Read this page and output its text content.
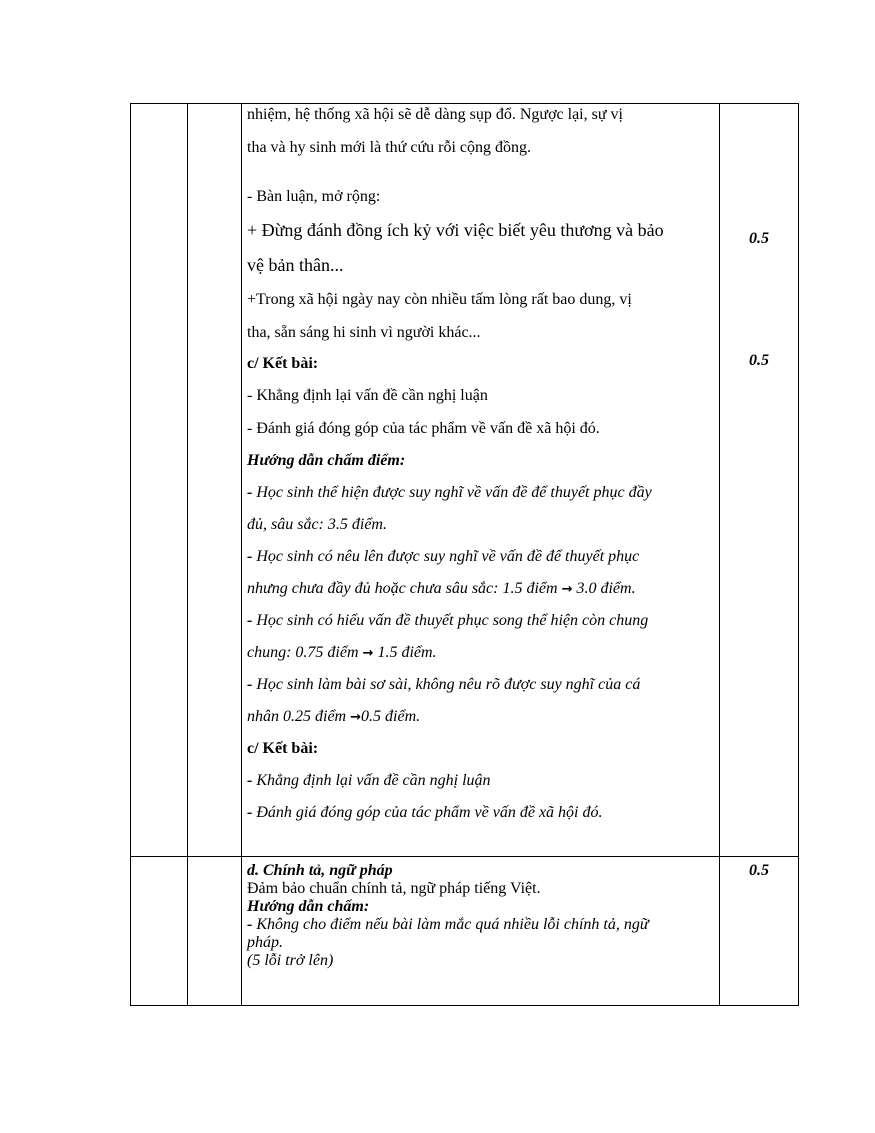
nhiệm, hệ thống xã hội sẽ dễ dàng sụp đổ. Ngược lại, sự vị
tha và hy sinh mới là thứ cứu rỗi cộng đồng.
- Bàn luận, mở rộng:
+ Đừng đánh đồng ích kỷ với việc biết yêu thương và bảo
vệ bản thân...
+Trong xã hội ngày nay còn nhiều tấm lòng rất bao dung, vị
tha, sẵn sáng hi sinh vì người khác...
c/ Kết bài:
- Khẳng định lại vấn đề cần nghị luận
- Đánh giá đóng góp của tác phẩm về vấn đề xã hội đó.
Hướng dẫn chấm điểm:
- Học sinh thể hiện được suy nghĩ về vấn đề để thuyết phục đầy
đủ, sâu sắc: 3.5 điểm.
- Học sinh có nêu lên được suy nghĩ về vấn đề để thuyết phục
nhưng chưa đầy đủ hoặc chưa sâu sắc: 1.5 điểm → 3.0 điểm.
- Học sinh có hiểu vấn đề thuyết phục song thể hiện còn chung
chung: 0.75 điểm → 1.5 điểm.
- Học sinh làm bài sơ sài, không nêu rõ được suy nghĩ của cá
nhân 0.25 điểm →0.5 điểm.
c/ Kết bài:
- Khẳng định lại vấn đề cần nghị luận
- Đánh giá đóng góp của tác phẩm về vấn đề xã hội đó.
0.5
0.5
d. Chính tả, ngữ pháp
Đảm bảo chuẩn chính tả, ngữ pháp tiếng Việt.
Hướng dẫn chấm:
- Không cho điểm nếu bài làm mắc quá nhiều lỗi chính tả, ngữ
pháp.
(5 lỗi trở lên)
0.5
